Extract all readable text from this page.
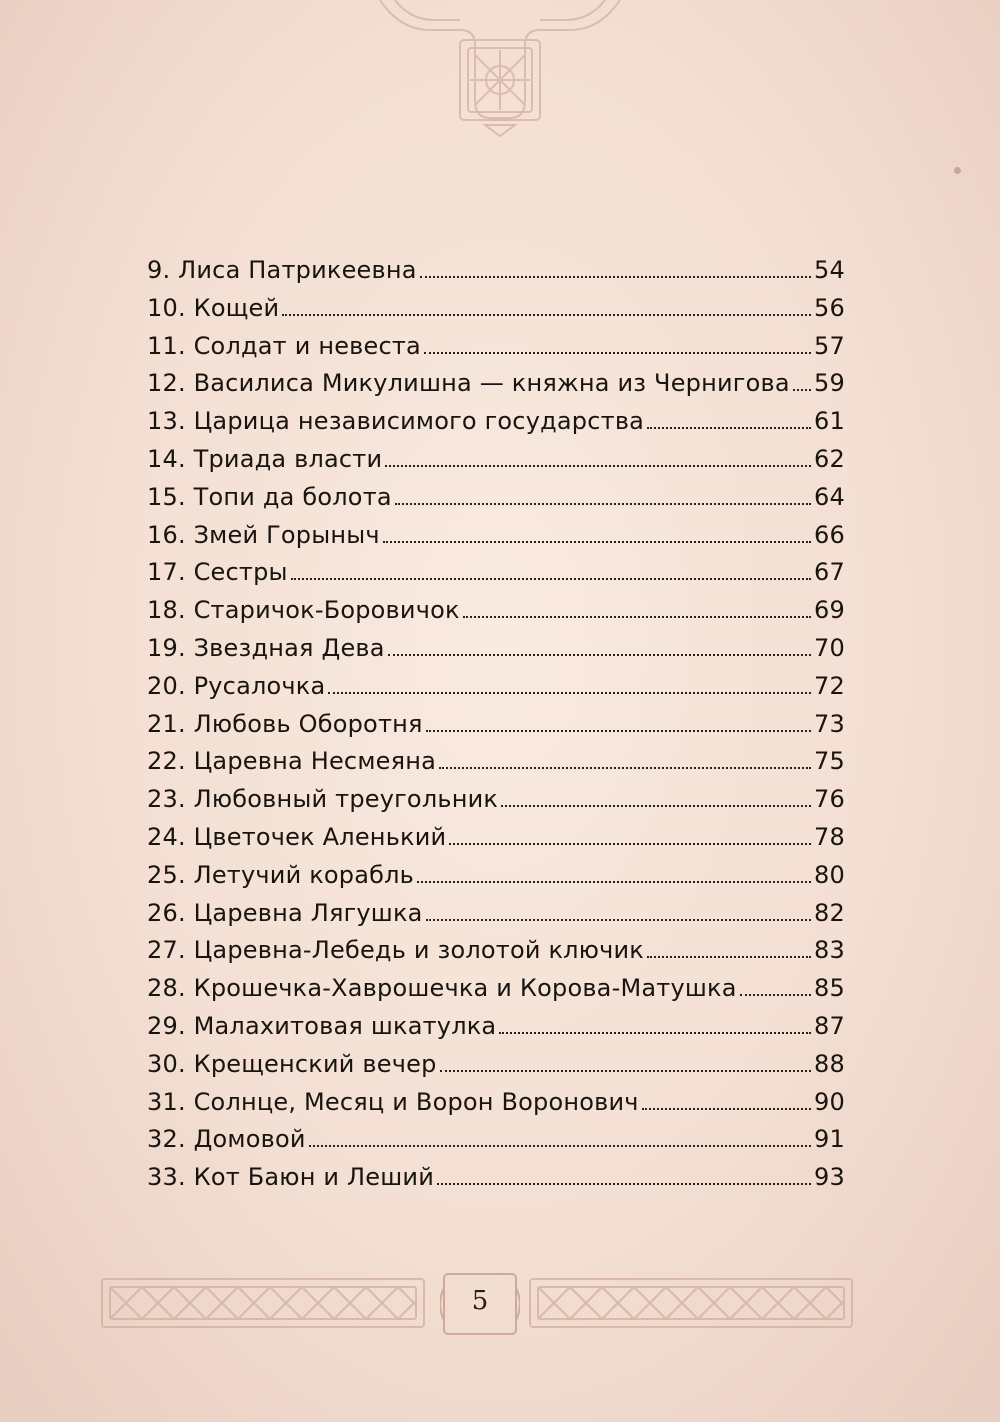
9. Лиса Патрикеевна	54
10. Кощей	56
11. Солдат и невеста	57
12. Василиса Микулишна — княжна из Чернигова 59
13. Царица независимого государства	61
14. Триада власти	62
15. Топи да болота	64
16. Змей Горыныч	66
17. Сестры	67
18. Старичок-Боровичок	69
19. Звездная Дева	70
20. Русалочка	72
21. Любовь Оборотня	73
22. Царевна Несмеяна	75
23. Любовный треугольник	76
24. Цветочек Аленький	78
25. Летучий корабль	80
26. Царевна Лягушка	82
27. Царевна-Лебедь и золотой ключик	83
28. Крошечка-Хаврошечка и Корова-Матушка	85
29. Малахитовая шкатулка	87
30. Крещенский вечер	88
31. Солнце, Месяц и Ворон Воронович	90
32. Домовой	91
33. Кот Баюн и Леший	93
5
